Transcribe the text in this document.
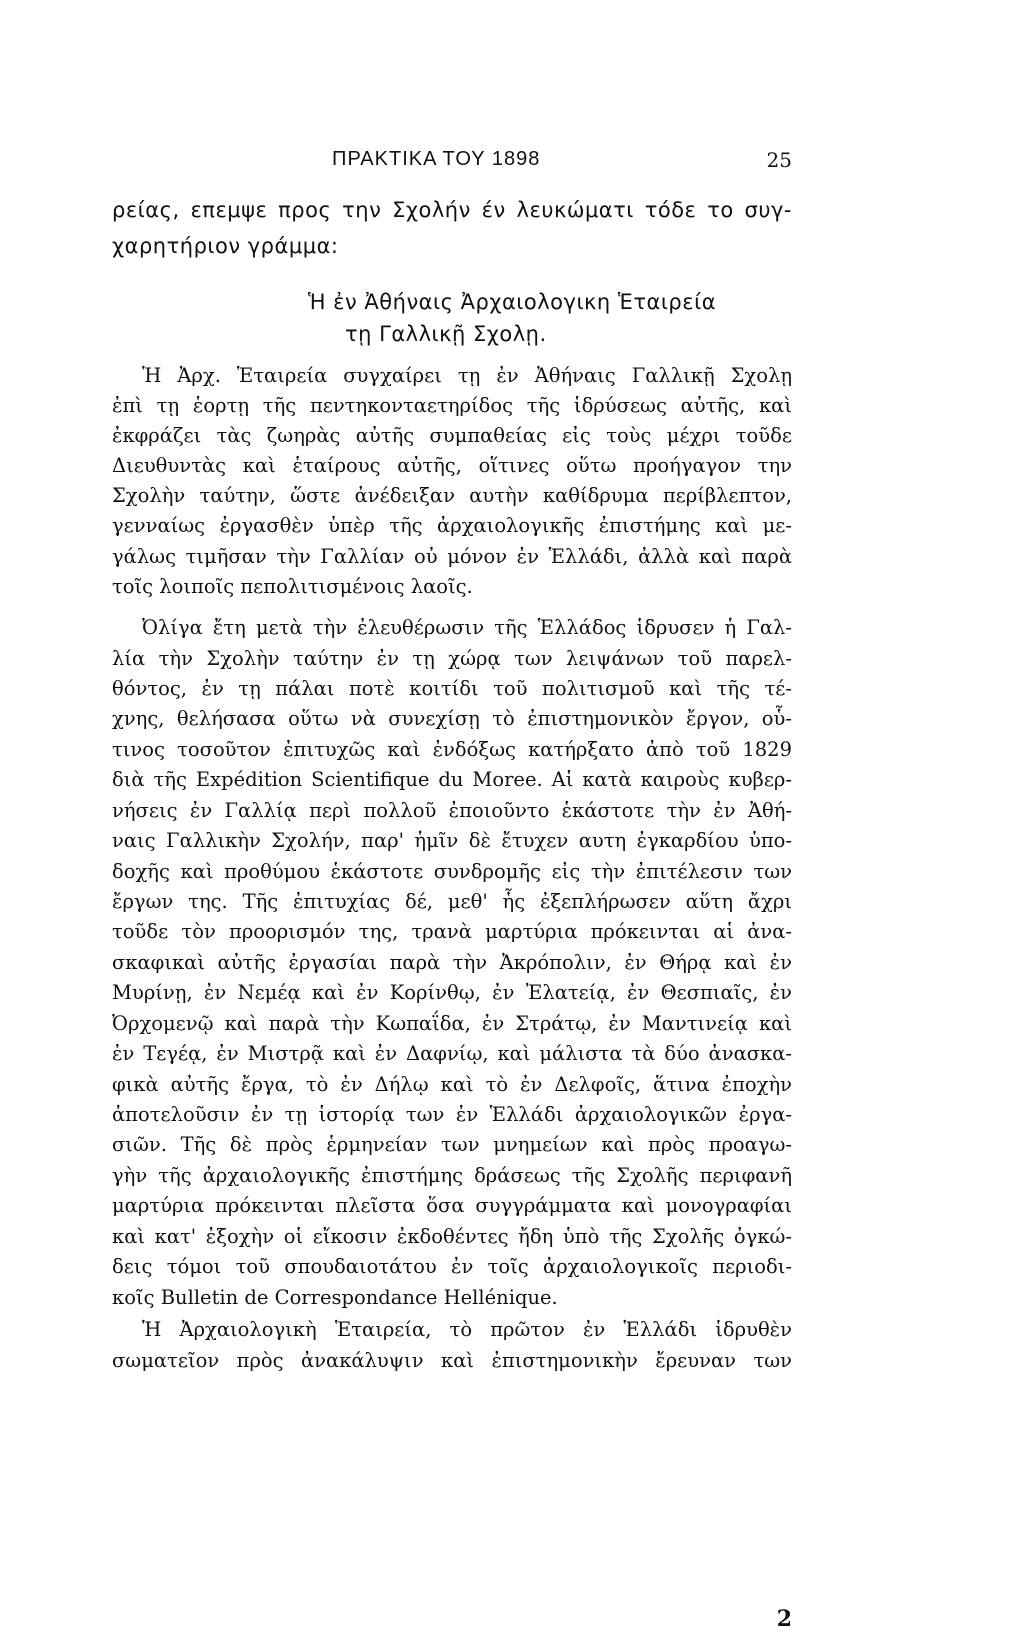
ΠΡΑΚΤΙΚΑ ΤΟΥ 1898	25
ρείας, επεμψε προς την Σχολήν έν λευκώματι τόδε το συγ-
χαρητήριον γράμμα:
Ἡ ἐν Ἀθήναις Ἀρχαιολογικη Ἑταιρεία
τῃ Γαλλικῇ Σχολῃ.
Ἡ Ἀρχ. Ἑταιρεία συγχαίρει τῃ ἐν Ἀθήναις Γαλλικῇ Σχολῃ
ἐπὶ τῃ ἑορτῃ τῆς πεντηκονταετηρίδος τῆς ἱδρύσεως αὐτῆς, καὶ
ἐκφράζει τὰς ζωηρὰς αὐτῆς συμπαθείας εἰς τοὺς μέχρι τοῦδε
Διευθυντὰς καὶ ἑταίρους αὐτῆς, οἵτινες οὕτω προήγαγον την
Σχολὴν ταύτην, ὥστε ἀνέδειξαν αυτὴν καθίδρυμα περίβλεπτον,
γενναίως ἐργασθὲν ὑπὲρ τῆς ἀρχαιολογικῆς ἐπιστήμης καὶ με-
γάλως τιμῆσαν τὴν Γαλλίαν οὐ μόνον ἐν Ἑλλάδι, ἀλλὰ καὶ παρὰ
τοῖς λοιποῖς πεπολιτισμένοις λαοῖς.
Ὀλίγα ἔτη μετὰ τὴν ἐλευθέρωσιν τῆς Ἑλλάδος ἱδρυσεν ἡ Γαλ-
λία τὴν Σχολὴν ταύτην ἐν τῃ χώρᾳ των λειψάνων τοῦ παρελ-
θόντος, ἐν τῃ πάλαι ποτὲ κοιτίδι τοῦ πολιτισμοῦ καὶ τῆς τέ-
χνης, θελήσασα οὕτω νὰ συνεχίσῃ τὸ ἐπιστημονικὸν ἔργον, οὗ-
τινος τοσοῦτον ἐπιτυχῶς καὶ ἐνδόξως κατήρξατο ἀπὸ τοῦ 1829
διὰ τῆς Expédition Scientifique du Moree. Αἱ κατὰ καιροὺς κυβερ-
νήσεις ἐν Γαλλίᾳ περὶ πολλοῦ ἐποιοῦντο ἑκάστοτε τὴν ἐν Ἀθή-
ναις Γαλλικὴν Σχολήν, παρ' ἡμῖν δὲ ἔτυχεν αυτη ἐγκαρδίου ὑπο-
δοχῆς καὶ προθύμου ἑκάστοτε συνδρομῆς εἰς τὴν ἐπιτέλεσιν των
ἔργων της. Τῆς ἐπιτυχίας δέ, μεθ' ἧς ἐξεπλήρωσεν αὕτη ἄχρι
τοῦδε τὸν προορισμόν της, τρανὰ μαρτύρια πρόκεινται αἱ ἀνα-
σκαφικαὶ αὐτῆς ἐργασίαι παρὰ τὴν Ἀκρόπολιν, ἐν Θήρᾳ καὶ ἐν
Μυρίνῃ, ἐν Νεμέᾳ καὶ ἐν Κορίνθῳ, ἐν Ἐλατείᾳ, ἐν Θεσπιαῖς, ἐν
Ὀρχομενῷ καὶ παρὰ τὴν Κωπαΐδα, ἐν Στράτῳ, ἐν Μαντινείᾳ καὶ
ἐν Τεγέᾳ, ἐν Μιστρᾷ καὶ ἐν Δαφνίῳ, καὶ μάλιστα τὰ δύο ἀνασκα-
φικὰ αὐτῆς ἔργα, τὸ ἐν Δήλῳ καὶ τὸ ἐν Δελφοῖς, ἅτινα ἐποχὴν
ἀποτελοῦσιν ἐν τῃ ἱστορίᾳ των ἐν Ἑλλάδι ἀρχαιολογικῶν ἐργα-
σιῶν. Τῆς δὲ πρὸς ἑρμηνείαν των μνημείων καὶ πρὸς προαγω-
γὴν τῆς ἀρχαιολογικῆς ἐπιστήμης δράσεως τῆς Σχολῆς περιφανῆ
μαρτύρια πρόκεινται πλεῖστα ὅσα συγγράμματα καὶ μονογραφίαι
καὶ κατ' ἐξοχὴν οἱ εἴκοσιν ἐκδοθέντες ἤδη ὑπὸ τῆς Σχολῆς ὀγκώ-
δεις τόμοι τοῦ σπουδαιοτάτου ἐν τοῖς ἀρχαιολογικοῖς περιοδι-
κοῖς Bulletin de Correspondance Hellénique.
Ἡ Ἀρχαιολογικὴ Ἑταιρεία, τὸ πρῶτον ἐν Ἑλλάδι ἱδρυθὲν
σωματεῖον πρὸς ἀνακάλυψιν καὶ ἐπιστημονικὴν ἔρευναν των
2
